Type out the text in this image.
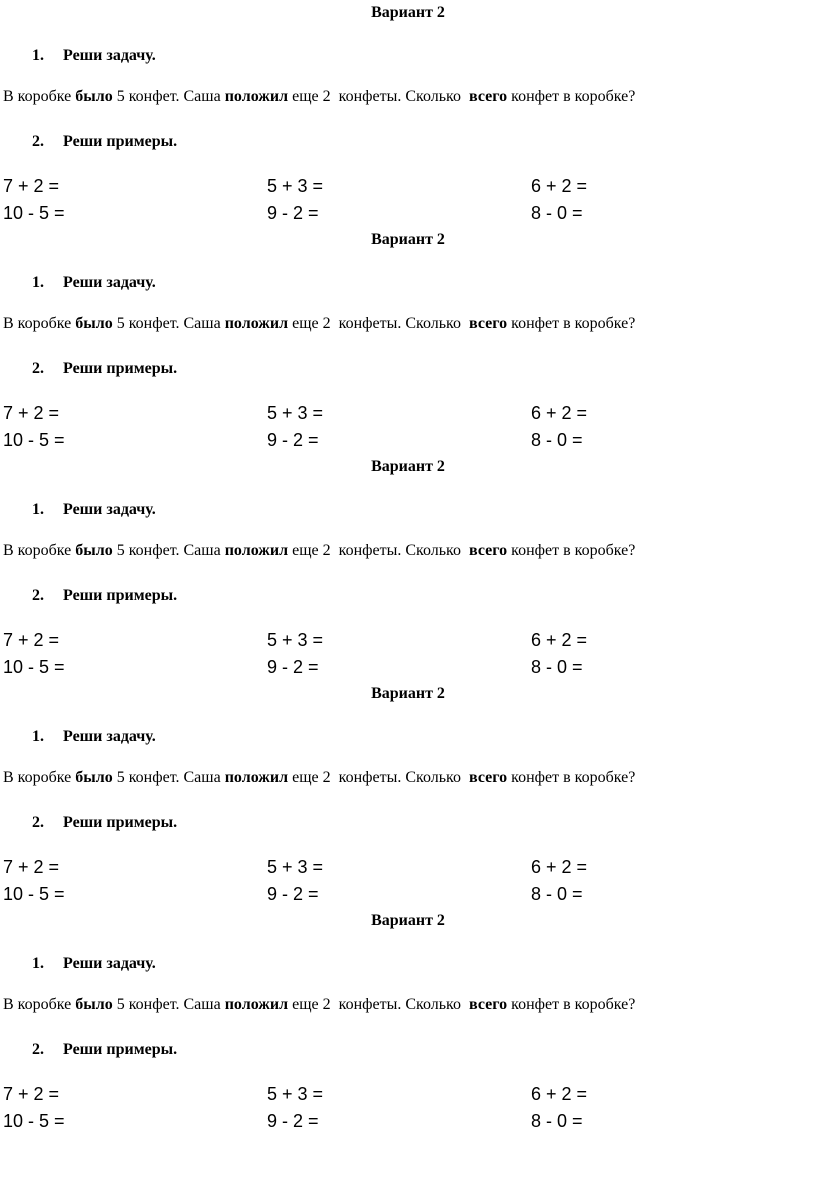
Вариант 2
1. Реши задачу.
В коробке было 5 конфет. Саша положил еще 2  конфеты. Сколько  всего конфет в коробке?
2. Реши примеры.
7 + 2 =	5 + 3 =	6 + 2 =
10 - 5 =	9 - 2 =	8 - 0 =
Вариант 2
1. Реши задачу.
В коробке было 5 конфет. Саша положил еще 2  конфеты. Сколько  всего конфет в коробке?
2. Реши примеры.
7 + 2 =	5 + 3 =	6 + 2 =
10 - 5 =	9 - 2 =	8 - 0 =
Вариант 2
1. Реши задачу.
В коробке было 5 конфет. Саша положил еще 2  конфеты. Сколько  всего конфет в коробке?
2. Реши примеры.
7 + 2 =	5 + 3 =	6 + 2 =
10 - 5 =	9 - 2 =	8 - 0 =
Вариант 2
1. Реши задачу.
В коробке было 5 конфет. Саша положил еще 2  конфеты. Сколько  всего конфет в коробке?
2. Реши примеры.
7 + 2 =	5 + 3 =	6 + 2 =
10 - 5 =	9 - 2 =	8 - 0 =
Вариант 2
1. Реши задачу.
В коробке было 5 конфет. Саша положил еще 2  конфеты. Сколько  всего конфет в коробке?
2. Реши примеры.
7 + 2 =	5 + 3 =	6 + 2 =
10 - 5 =	9 - 2 =	8 - 0 =
